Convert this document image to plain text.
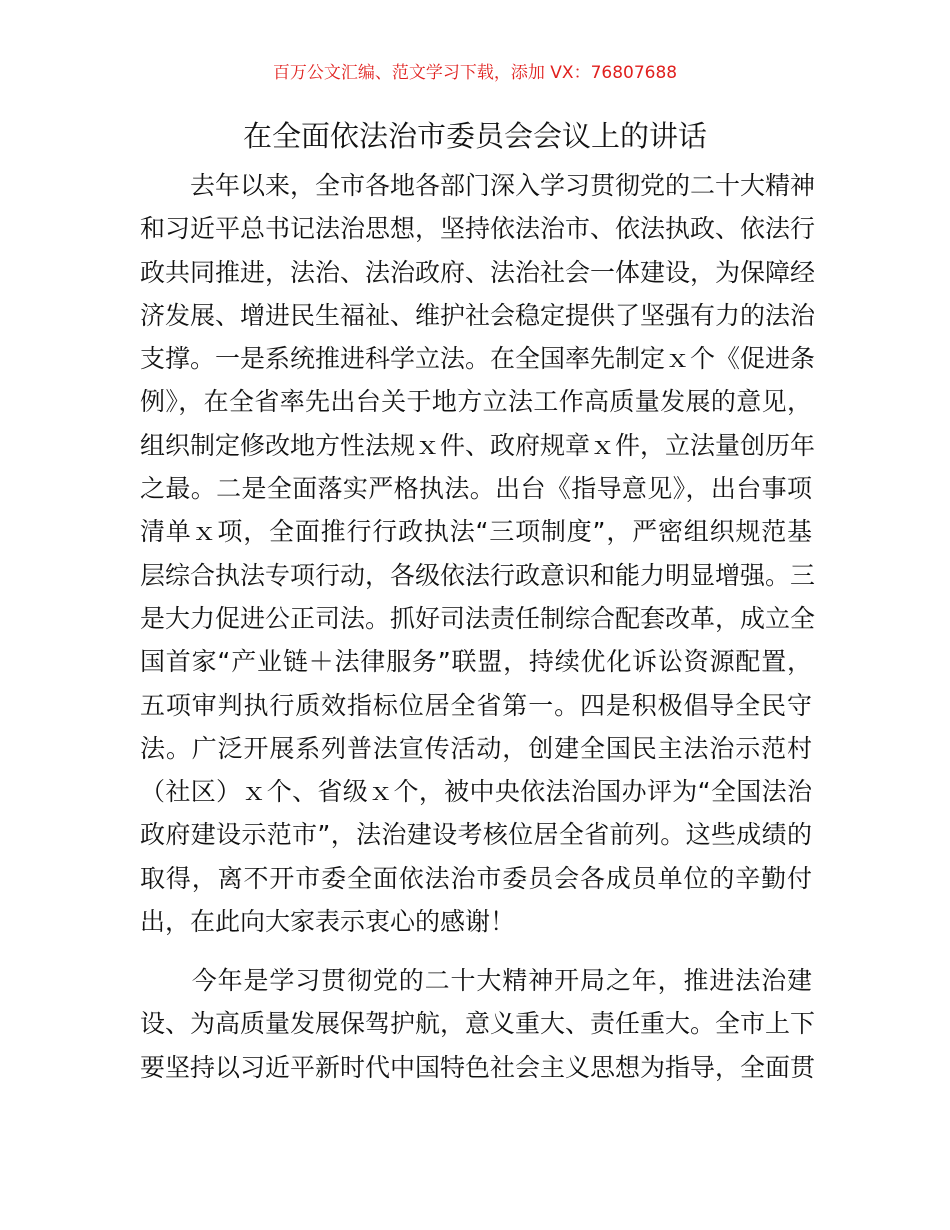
百万公文汇编、范文学习下载，添加 VX：76807688
在全面依法治市委员会会议上的讲话
　　去年以来，全市各地各部门深入学习贯彻党的二十大精神
和习近平总书记法治思想，坚持依法治市、依法执政、依法行
政共同推进，法治、法治政府、法治社会一体建设，为保障经
济发展、增进民生福祉、维护社会稳定提供了坚强有力的法治
支撑。一是系统推进科学立法。在全国率先制定ｘ个《促进条
例》，在全省率先出台关于地方立法工作高质量发展的意见，
组织制定修改地方性法规ｘ件、政府规章ｘ件，立法量创历年
之最。二是全面落实严格执法。出台《指导意见》，出台事项
清单ｘ项，全面推行行政执法“三项制度”，严密组织规范基
层综合执法专项行动，各级依法行政意识和能力明显增强。三
是大力促进公正司法。抓好司法责任制综合配套改革，成立全
国首家“产业链＋法律服务”联盟，持续优化诉讼资源配置，
五项审判执行质效指标位居全省第一。四是积极倡导全民守
法。广泛开展系列普法宣传活动，创建全国民主法治示范村
（社区）ｘ个、省级ｘ个，被中央依法治国办评为“全国法治
政府建设示范市”，法治建设考核位居全省前列。这些成绩的
取得，离不开市委全面依法治市委员会各成员单位的辛勤付
出，在此向大家表示衷心的感谢！
　　今年是学习贯彻党的二十大精神开局之年，推进法治建
设、为高质量发展保驾护航，意义重大、责任重大。全市上下
要坚持以习近平新时代中国特色社会主义思想为指导，全面贯
